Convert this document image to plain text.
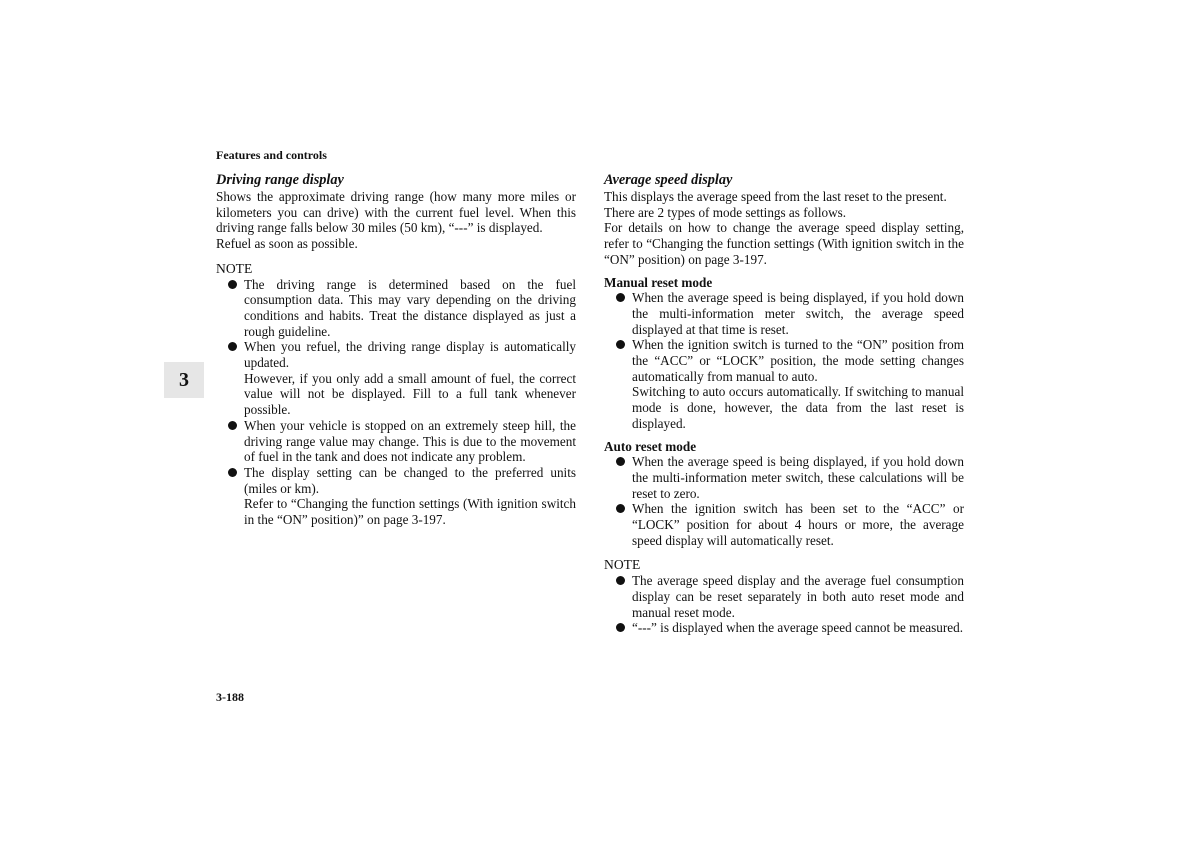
Features and controls
3
Driving range display
Shows the approximate driving range (how many more miles or kilometers you can drive) with the current fuel level. When this driving range falls below 30 miles (50 km), “---” is displayed.
Refuel as soon as possible.
NOTE
The driving range is determined based on the fuel consumption data. This may vary depending on the driving conditions and habits. Treat the distance displayed as just a rough guideline.
When you refuel, the driving range display is automatically updated.
However, if you only add a small amount of fuel, the correct value will not be displayed. Fill to a full tank whenever possible.
When your vehicle is stopped on an extremely steep hill, the driving range value may change. This is due to the movement of fuel in the tank and does not indicate any problem.
The display setting can be changed to the preferred units (miles or km).
Refer to “Changing the function settings (With ignition switch in the “ON” position)” on page 3-197.
Average speed display
This displays the average speed from the last reset to the present.
There are 2 types of mode settings as follows.
For details on how to change the average speed display setting, refer to “Changing the function settings (With ignition switch in the “ON” position) on page 3-197.
Manual reset mode
When the average speed is being displayed, if you hold down the multi-information meter switch, the average speed displayed at that time is reset.
When the ignition switch is turned to the “ON” position from the “ACC” or “LOCK” position, the mode setting changes automatically from manual to auto.
Switching to auto occurs automatically. If switching to manual mode is done, however, the data from the last reset is displayed.
Auto reset mode
When the average speed is being displayed, if you hold down the multi-information meter switch, these calculations will be reset to zero.
When the ignition switch has been set to the “ACC” or “LOCK” position for about 4 hours or more, the average speed display will automatically reset.
NOTE
The average speed display and the average fuel consumption display can be reset separately in both auto reset mode and manual reset mode.
“---” is displayed when the average speed cannot be measured.
3-188
